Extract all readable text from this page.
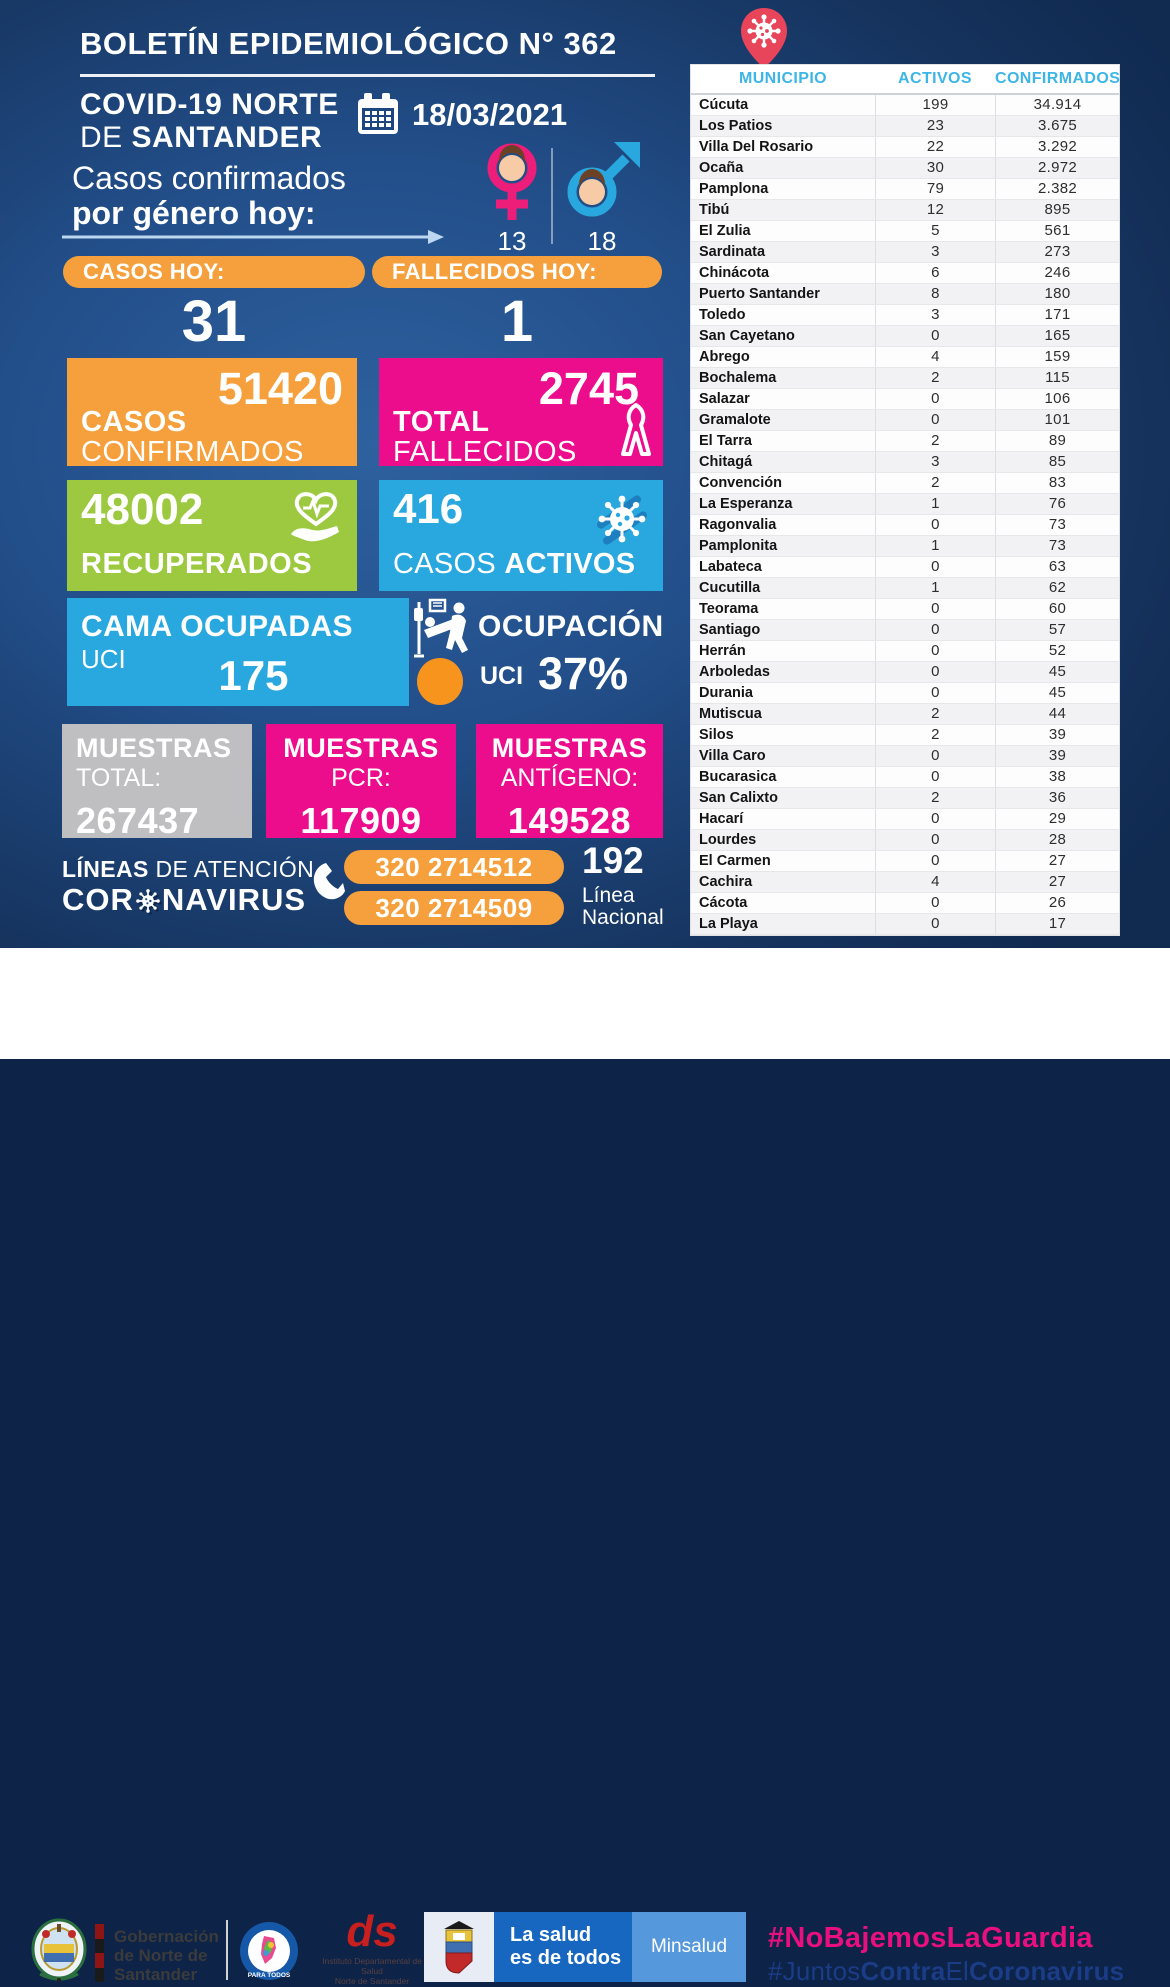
BOLETÍN EPIDEMIOLÓGICO N° 362
COVID-19 NORTE
DE SANTANDER
18/03/2021
Casos confirmados
por género hoy:
13	18
CASOS HOY:	FALLECIDOS HOY:
31	1
51420
CASOS
CONFIRMADOS
2745
TOTAL
FALLECIDOS
48002
RECUPERADOS
416
CASOS ACTIVOS
CAMA OCUPADAS
UCI	175
OCUPACIÓN
UCI 37%
MUESTRAS
TOTAL:
267437
MUESTRAS
PCR:
117909
MUESTRAS
ANTÍGENO:
149528
LÍNEAS DE ATENCIÓN
COR NAVIRUS
320 2714512
320 2714509
192
Línea
Nacional
MUNICIPIO	ACTIVOS	CONFIRMADOS
Cúcuta	199	34.914
Los Patios	23	3.675
Villa Del Rosario	22	3.292
Ocaña	30	2.972
Pamplona	79	2.382
Tibú	12	895
El Zulia	5	561
Sardinata	3	273
Chinácota	6	246
Puerto Santander	8	180
Toledo	3	171
San Cayetano	0	165
Abrego	4	159
Bochalema	2	115
Salazar	0	106
Gramalote	0	101
El Tarra	2	89
Chitagá	3	85
Convención	2	83
La Esperanza	1	76
Ragonvalia	0	73
Pamplonita	1	73
Labateca	0	63
Cucutilla	1	62
Teorama	0	60
Santiago	0	57
Herrán	0	52
Arboledas	0	45
Durania	0	45
Mutiscua	2	44
Silos	2	39
Villa Caro	0	39
Bucarasica	0	38
San Calixto	2	36
Hacarí	0	29
Lourdes	0	28
El Carmen	0	27
Cachira	4	27
Cácota	0	26
La Playa	0	17
Gobernación
de Norte de
Santander	PARA TODOS
ds
Instituto Departamental de Salud
Norte de Santander
La salud
es de todos
Minsalud	#NoBajemosLaGuardia
#JuntosContraElCoronavirus
